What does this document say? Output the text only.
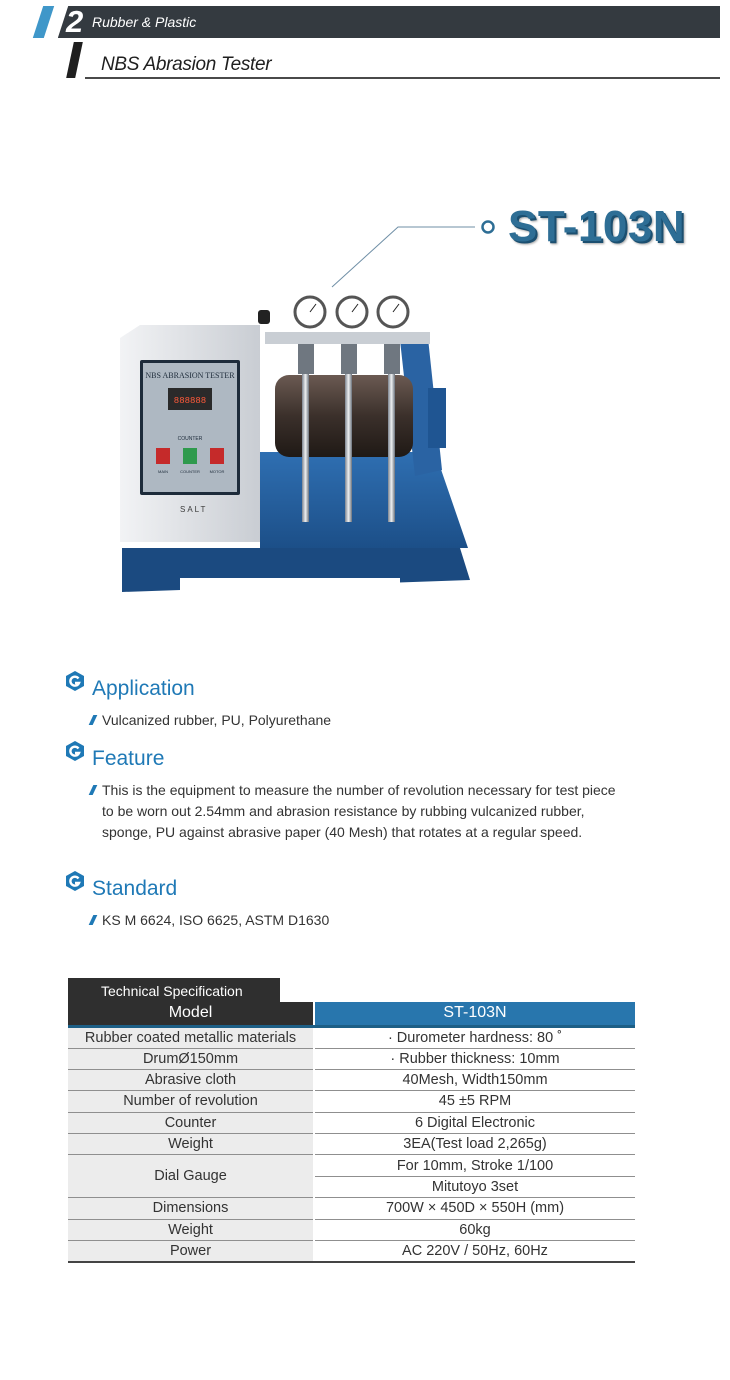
2 Rubber & Plastic
NBS Abrasion Tester
ST-103N
NBS ABRASION TESTER
888888
COUNTER
MAIN	COUNTER MOTOR
SALT
Application
Vulcanized rubber, PU, Polyurethane
Feature
This is the equipment to measure the number of revolution necessary for test piece
to be worn out 2.54mm and abrasion resistance by rubbing vulcanized rubber,
sponge, PU against abrasive paper (40 Mesh) that rotates at a regular speed.
Standard
KS M 6624, ISO 6625, ASTM D1630
Technical Specification
Model	ST-103N
Rubber coated metallic materials	· Durometer hardness: 80 ˚
DrumØ150mm	· Rubber thickness: 10mm
Abrasive cloth	40Mesh, Width150mm
Number of revolution	45 ±5 RPM
Counter	6 Digital Electronic
Weight	3EA(Test load 2,265g)
Dial Gauge	For 10mm, Stroke 1/100
	Mitutoyo 3set
Dimensions	700W × 450D × 550H (mm)
Weight	60kg
Power	AC 220V / 50Hz, 60Hz
